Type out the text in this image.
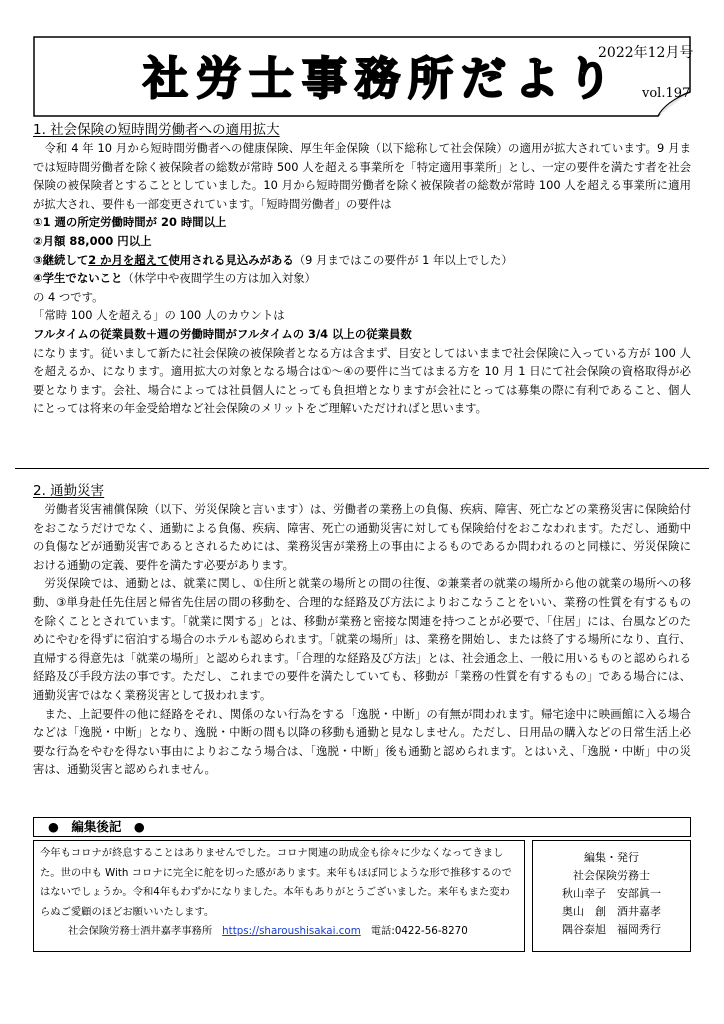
社労士事務所だより
2022年12月号
vol.197
1. 社会保険の短時間労働者への適用拡大

令和 4 年 10 月から短時間労働者への健康保険、厚生年金保険（以下総称して社会保険）の適用が拡大されています。9 月までは短時間労働者を除く被保険者の総数が常時 500 人を超える事業所を「特定適用事業所」とし、一定の要件を満たす者を社会保険の被保険者とすることとしていました。10 月から短時間労働者を除く被保険者の総数が常時 100 人を超える事業所に適用が拡大され、要件も一部変更されています。「短時間労働者」の要件は

①1 週の所定労働時間が 20 時間以上

②月額 88,000 円以上

③継続して2 か月を超えて使用される見込みがある（9 月まではこの要件が 1 年以上でした）

④学生でないこと（休学中や夜間学生の方は加入対象）

の 4 つです。

「常時 100 人を超える」の 100 人のカウントは

フルタイムの従業員数＋週の労働時間がフルタイムの 3/4 以上の従業員数

になります。従いまして新たに社会保険の被保険者となる方は含まず、目安としてはいままで社会保険に入っている方が 100 人を超えるか、になります。適用拡大の対象となる場合は①～④の要件に当てはまる方を 10 月 1 日にて社会保険の資格取得が必要となります。会社、場合によっては社員個人にとっても負担増となりますが会社にとっては募集の際に有利であること、個人にとっては将来の年金受給増など社会保険のメリットをご理解いただければと思います。

2. 通勤災害

労働者災害補償保険（以下、労災保険と言います）は、労働者の業務上の負傷、疾病、障害、死亡などの業務災害に保険給付をおこなうだけでなく、通勤による負傷、疾病、障害、死亡の通勤災害に対しても保険給付をおこなわれます。ただし、通勤中の負傷などが通勤災害であるとされるためには、業務災害が業務上の事由によるものであるか問われるのと同様に、労災保険における通勤の定義、要件を満たす必要があります。

労災保険では、通勤とは、就業に関し、①住所と就業の場所との間の往復、②兼業者の就業の場所から他の就業の場所への移動、③単身赴任先住居と帰省先住居の間の移動を、合理的な経路及び方法によりおこなうことをいい、業務の性質を有するものを除くこととされています。「就業に関する」とは、移動が業務と密接な関連を持つことが必要で、「住居」には、台風などのためにやむを得ずに宿泊する場合のホテルも認められます。「就業の場所」は、業務を開始し、または終了する場所になり、直行、直帰する得意先は「就業の場所」と認められます。「合理的な経路及び方法」とは、社会通念上、一般に用いるものと認められる経路及び手段方法の事です。ただし、これまでの要件を満たしていても、移動が「業務の性質を有するもの」である場合には、通勤災害ではなく業務災害として扱われます。

また、上記要件の他に経路をそれ、関係のない行為をする「逸脱・中断」の有無が問われます。帰宅途中に映画館に入る場合などは「逸脱・中断」となり、逸脱・中断の間も以降の移動も通勤と見なしません。ただし、日用品の購入などの日常生活上必要な行為をやむを得ない事由によりおこなう場合は、「逸脱・中断」後も通勤と認められます。とはいえ、「逸脱・中断」中の災害は、通勤災害と認められません。

●　編集後記　●

今年もコロナが終息することはありませんでした。コロナ関連の助成金も徐々に少なくなってきました。世の中も With コロナに完全に舵を切った感があります。来年もほぼ同じような形で推移するのではないでしょうか。令和4年もわずかになりました。本年もありがとうございました。来年もまた変わらぬご愛顧のほどお願いいたします。

社会保険労務士酒井嘉孝事務所 https://sharoushisakai.com 電話:0422-56-8270

編集・発行
社会保険労務士
秋山幸子　安部眞一
奥山　創　酒井嘉孝
隅谷泰旭　福岡秀行
